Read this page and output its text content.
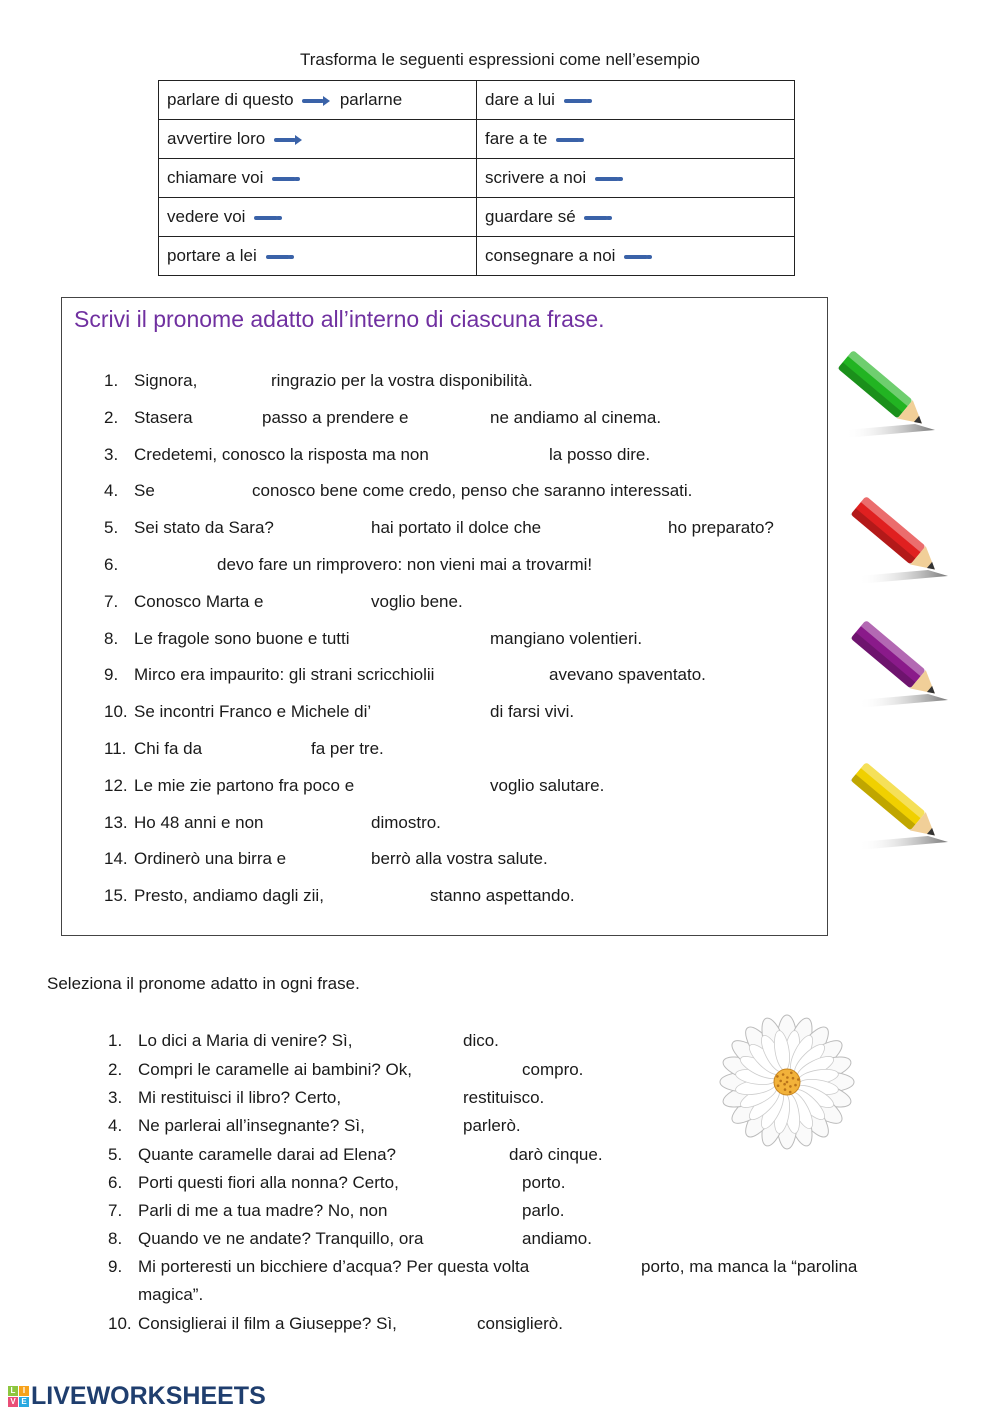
Trasforma le seguenti espressioni come nell’esempio
parlare di questo parlarne	dare a lui
avvertire loro	fare a te
chiamare voi	scrivere a noi
vedere voi	guardare sé
portare a lei	consegnare a noi
Scrivi il pronome adatto all’interno di ciascuna frase.
1. Signora,	ringrazio per la vostra disponibilità.
2. Stasera	passo a prendere e	ne andiamo al cinema.
3. Credetemi, conosco la risposta ma non	la posso dire.
4. Se	conosco bene come credo, penso che saranno interessati.
5. Sei stato da Sara?	hai portato il dolce che	ho preparato?
6.	devo fare un rimprovero: non vieni mai a trovarmi!
7. Conosco Marta e	voglio bene.
8. Le fragole sono buone e tutti	mangiano volentieri.
9. Mirco era impaurito: gli strani scricchiolii	avevano spaventato.
10. Se incontri Franco e Michele di’	di farsi vivi.
11. Chi fa da	fa per tre.
12. Le mie zie partono fra poco e	voglio salutare.
13. Ho 48 anni e non	dimostro.
14. Ordinerò una birra e	berrò alla vostra salute.
15. Presto, andiamo dagli zii,	stanno aspettando.
Seleziona il pronome adatto in ogni frase.
1. Lo dici a Maria di venire? Sì,	dico.
2. Compri le caramelle ai bambini? Ok,	compro.
3. Mi restituisci il libro? Certo,	restituisco.
4. Ne parlerai all’insegnante? Sì,	parlerò.
5. Quante caramelle darai ad Elena?	darò cinque.
6. Porti questi fiori alla nonna? Certo,	porto.
7. Parli di me a tua madre? No, non	parlo.
8. Quando ve ne andate? Tranquillo, ora	andiamo.
9. Mi porteresti un bicchiere d’acqua? Per questa volta	porto, ma manca la “parolina
magica”.
10. Consiglierai il film a Giuseppe? Sì,	consiglierò.
L I
V E LIVEWORKSHEETS
